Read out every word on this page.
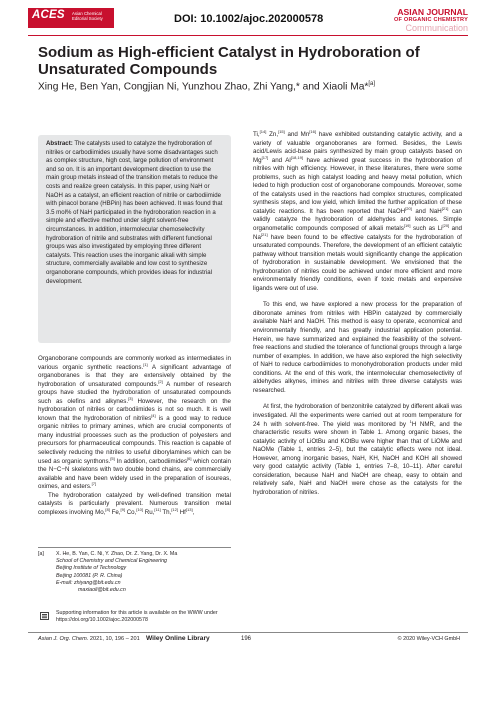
ACES Asian Chemical Editorial Society	DOI: 10.1002/ajoc.202000578
ASIAN JOURNAL
OF ORGANIC CHEMISTRY
Communication
Sodium as High-efficient Catalyst in Hydroboration of Unsaturated Compounds
Xing He, Ben Yan, Congjian Ni, Yunzhou Zhao, Zhi Yang,* and Xiaoli Ma*[a]
Abstract: The catalysts used to catalyze the hydroboration of nitriles or carbodiimides usually have some disadvantages such as complex structure, high cost, large pollution of environment and so on. It is an important development direction to use the main group metals instead of the transition metals to reduce the costs and realize green catalysis. In this paper, using NaH or NaOH as a catalyst, an efficient reaction of nitrile or carbodiimide with pinacol borane (HBPin) has been achieved. It was found that 3.5 mol% of NaH participated in the hydroboration reaction in a simple and effective method under slight solvent-free circumstances. In addition, intermolecular chemoselectivity hydroboration of nitrile and substrates with different functional groups was also investigated by employing three different catalysts. This reaction uses the inorganic alkali with simple structure, commercially available and low cost to synthesize organoborane compounds, which provides ideas for industrial development.

Organoborane compounds are commonly worked as intermediates in various organic synthetic reactions.[1] A significant advantage of organoboranes is that they are extensively obtained by the hydroboration of unsaturated compounds.[2] A number of research groups have studied the hydroboration of unsaturated compounds such as olefins and alkynes.[3] However, the research on the hydroboration of nitriles or carbodiimides is not so much. It is well known that the hydroboration of nitriles[4] is a good way to reduce organic nitriles to primary amines, which are crucial components of many industrial processes such as the production of polyesters and precursors for pharmaceutical compounds. This reaction is capable of selectively reducing the nitriles to useful diborylamines which can be used as organic synthons.[5] In addition, carbodiimides[6] which contain the N−C−N skeletons with two double bond chains, are commercially available and have been widely used in the preparation of isoureas, oximes, and esters.[7]

The hydroboration catalyzed by well-defined transition metal catalysts is particularly prevalent. Numerous transition metal complexes involving Mo,[8] Fe,[9] Co,[10] Ru,[11] Th,[12] Hf[13],

Ti,[14] Zn,[15] and Mn[16] have exhibited outstanding catalytic activity, and a variety of valuable organoboranes are formed. Besides, the Lewis acid/Lewis acid-base pairs synthesized by main group catalysts based on Mg[17] and Al[18,19] have achieved great success in the hydroboration of nitriles with high efficiency. However, in these literatures, there were some problems, such as high catalyst loading and heavy metal pollution, which leded to high production cost of organoborane compounds. Moreover, some of the catalysts used in the reactions had complex structures, complicated synthesis steps, and low yield, which limited the further application of these catalytic reactions. It has been reported that NaOH[20] and NaH[21] can validly catalyze the hydroboration of aldehydes and ketones. Simple organometallic compounds composed of alkali metals[19] such as Li[20] and Na[21] have been found to be effective catalysts for the hydroboration of unsaturated compounds. Therefore, the development of an efficient catalytic pathway without transition metals would significantly change the application of hydroboration in sustainable development. We envisioned that the hydroboration of nitriles could be achieved under more efficient and more environmentally friendly conditions, even if toxic metals and expensive ligands were out of use.

To this end, we have explored a new process for the preparation of diboronate amines from nitriles with HBPin catalyzed by commercially available NaH and NaOH. This method is easy to operate, economical and environmentally friendly, and has greatly industrial application potential. Herein, we have summarized and explained the feasibility of the solvent-free reactions and studied the tolerance of functional groups through a large number of examples. In addition, we have also explored the high selectivity of NaH to reduce carbodiimides to monohydroboration products under mild conditions. At the end of this work, the intermolecular chemoselectivity of aldehydes alkynes, imines and nitriles with three diverse catalysts was researched.

At first, the hydroboration of benzonitrile catalyzed by different alkali was investigated. All the experiments were carried out at room temperature for 24 h with solvent-free. The yield was monitored by $^1$H NMR, and the characteristic results were shown in Table 1. Among organic bases, the catalytic activity of LiOtBu and KOtBu were higher than that of LiOMe and NaOMe (Table 1, entries 2–5), but the catalytic effects were not ideal. However, among inorganic bases, NaH, KH, NaOH and KOH all showed very good catalytic activity (Table 1, entries 7–8, 10–11). After careful consideration, because NaH and NaOH are cheap, easy to obtain and relatively safe, NaH and NaOH were chose as the catalysts for the hydroboration of nitriles.

[a] X. He, B. Yan, C. Ni, Y. Zhao, Dr. Z. Yang, Dr. X. Ma
School of Chemistry and Chemical Engineering
Beijing Institute of Technology
Beijing 100081 (P. R. China)
E-mail: zhiyang@bit.edu.cn
maxiaoli@bit.edu.cn
Supporting information for this article is available on the WWW under https://doi.org/10.1002/ajoc.202000578
Asian J. Org. Chem. 2021, 10, 196 – 201 Wiley Online Library	196	© 2020 Wiley-VCH GmbH
